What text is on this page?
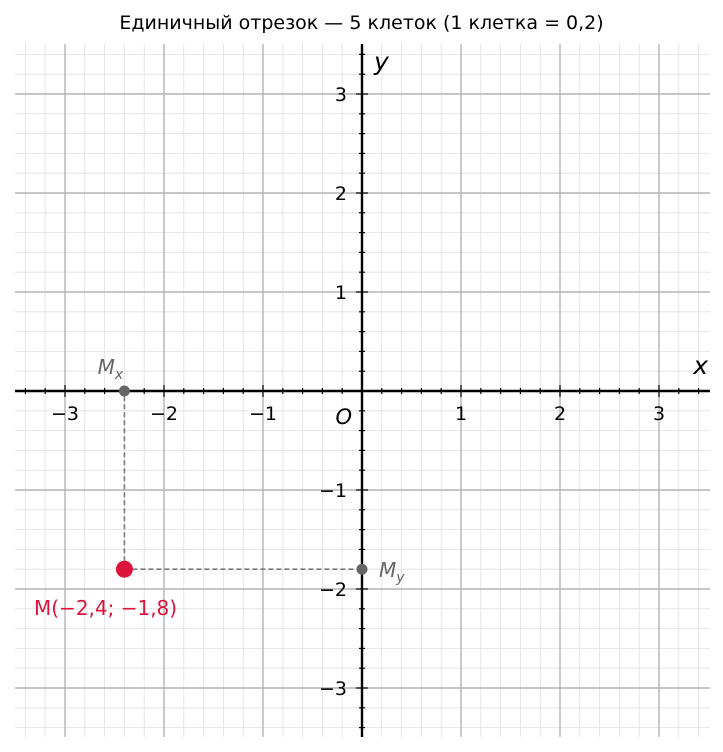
Единичный отрезок — 5 клеток (1 клетка = 0,2)
−3	−2	−1	1	2	3
−3
−2
−1
1
2
3
x
y
O
$M_x$
$M_y$
M(−2,4; −1,8)
